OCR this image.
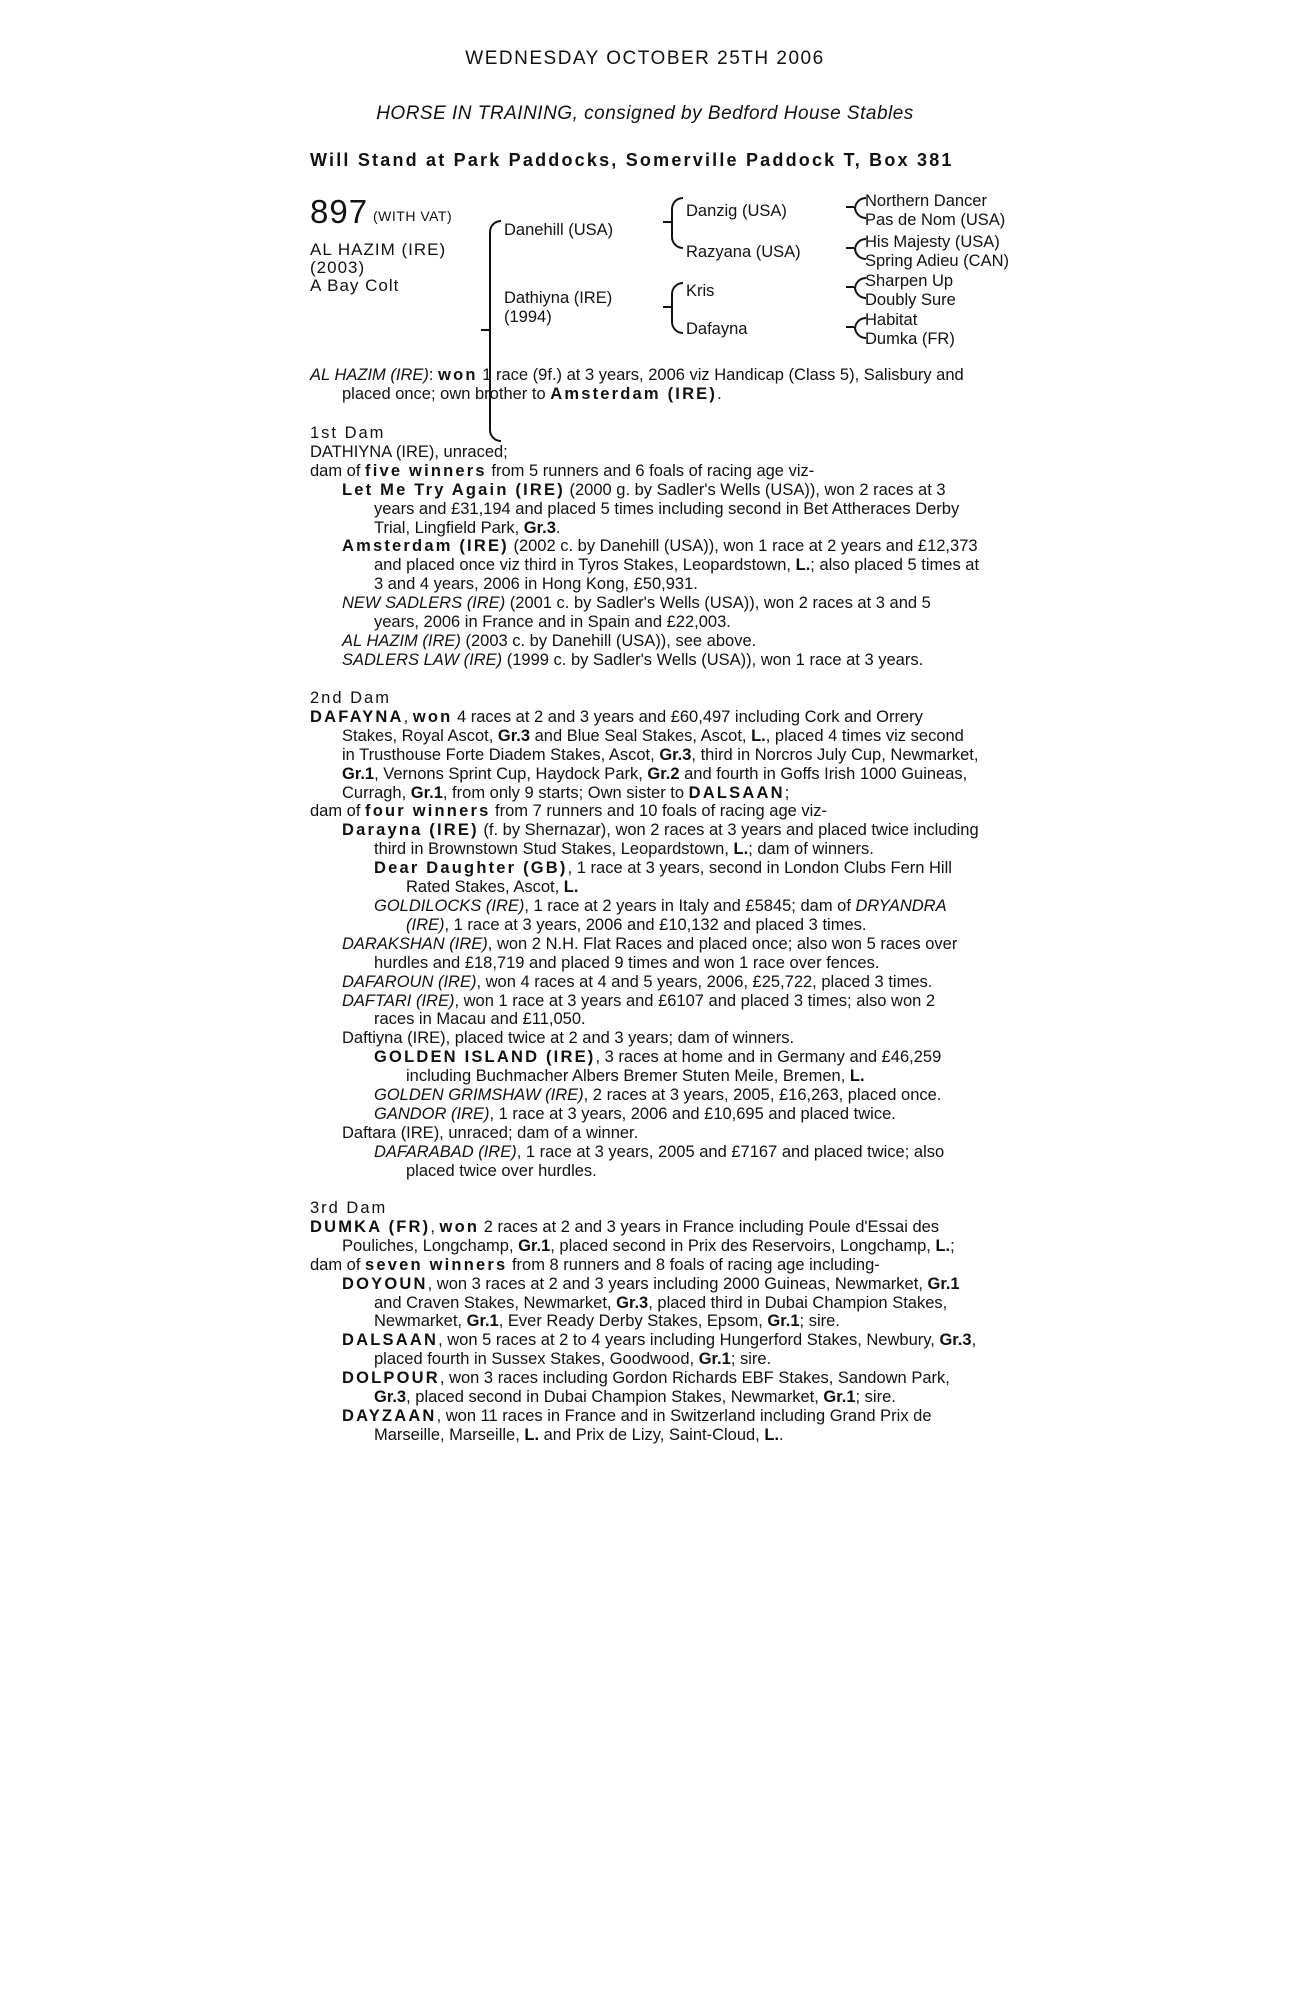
WEDNESDAY OCTOBER 25TH 2006
HORSE IN TRAINING, consigned by Bedford House Stables
Will Stand at Park Paddocks, Somerville Paddock T, Box 381
897 (WITH VAT)
AL HAZIM (IRE)
(2003)
A Bay Colt
Danehill (USA)
Dathiyna (IRE)
(1994)
Danzig (USA)
Razyana (USA)
Kris
Dafayna
Northern Dancer
Pas de Nom (USA)
His Majesty (USA)
Spring Adieu (CAN)
Sharpen Up
Doubly Sure
Habitat
Dumka (FR)

AL HAZIM (IRE): won 1 race (9f.) at 3 years, 2006 viz Handicap (Class 5), Salisbury and placed once; own brother to Amsterdam (IRE).

1st Dam

DATHIYNA (IRE), unraced;

dam of five winners from 5 runners and 6 foals of racing age viz-

Let Me Try Again (IRE) (2000 g. by Sadler's Wells (USA)), won 2 races at 3 years and £31,194 and placed 5 times including second in Bet Attheraces Derby Trial, Lingfield Park, Gr.3.

Amsterdam (IRE) (2002 c. by Danehill (USA)), won 1 race at 2 years and £12,373 and placed once viz third in Tyros Stakes, Leopardstown, L.; also placed 5 times at 3 and 4 years, 2006 in Hong Kong, £50,931.

NEW SADLERS (IRE) (2001 c. by Sadler's Wells (USA)), won 2 races at 3 and 5 years, 2006 in France and in Spain and £22,003.

AL HAZIM (IRE) (2003 c. by Danehill (USA)), see above.

SADLERS LAW (IRE) (1999 c. by Sadler's Wells (USA)), won 1 race at 3 years.

2nd Dam

DAFAYNA, won 4 races at 2 and 3 years and £60,497 including Cork and Orrery Stakes, Royal Ascot, Gr.3 and Blue Seal Stakes, Ascot, L., placed 4 times viz second in Trusthouse Forte Diadem Stakes, Ascot, Gr.3, third in Norcros July Cup, Newmarket, Gr.1, Vernons Sprint Cup, Haydock Park, Gr.2 and fourth in Goffs Irish 1000 Guineas, Curragh, Gr.1, from only 9 starts; Own sister to DALSAAN;

dam of four winners from 7 runners and 10 foals of racing age viz-

Darayna (IRE) (f. by Shernazar), won 2 races at 3 years and placed twice including third in Brownstown Stud Stakes, Leopardstown, L.; dam of winners.

Dear Daughter (GB), 1 race at 3 years, second in London Clubs Fern Hill Rated Stakes, Ascot, L.

GOLDILOCKS (IRE), 1 race at 2 years in Italy and £5845; dam of DRYANDRA (IRE), 1 race at 3 years, 2006 and £10,132 and placed 3 times.

DARAKSHAN (IRE), won 2 N.H. Flat Races and placed once; also won 5 races over hurdles and £18,719 and placed 9 times and won 1 race over fences.

DAFAROUN (IRE), won 4 races at 4 and 5 years, 2006, £25,722, placed 3 times.

DAFTARI (IRE), won 1 race at 3 years and £6107 and placed 3 times; also won 2 races in Macau and £11,050.

Daftiyna (IRE), placed twice at 2 and 3 years; dam of winners.

GOLDEN ISLAND (IRE), 3 races at home and in Germany and £46,259 including Buchmacher Albers Bremer Stuten Meile, Bremen, L.

GOLDEN GRIMSHAW (IRE), 2 races at 3 years, 2005, £16,263, placed once.

GANDOR (IRE), 1 race at 3 years, 2006 and £10,695 and placed twice.

Daftara (IRE), unraced; dam of a winner.

DAFARABAD (IRE), 1 race at 3 years, 2005 and £7167 and placed twice; also placed twice over hurdles.

3rd Dam

DUMKA (FR), won 2 races at 2 and 3 years in France including Poule d'Essai des Pouliches, Longchamp, Gr.1, placed second in Prix des Reservoirs, Longchamp, L.;

dam of seven winners from 8 runners and 8 foals of racing age including-

DOYOUN, won 3 races at 2 and 3 years including 2000 Guineas, Newmarket, Gr.1 and Craven Stakes, Newmarket, Gr.3, placed third in Dubai Champion Stakes, Newmarket, Gr.1, Ever Ready Derby Stakes, Epsom, Gr.1; sire.

DALSAAN, won 5 races at 2 to 4 years including Hungerford Stakes, Newbury, Gr.3, placed fourth in Sussex Stakes, Goodwood, Gr.1; sire.

DOLPOUR, won 3 races including Gordon Richards EBF Stakes, Sandown Park, Gr.3, placed second in Dubai Champion Stakes, Newmarket, Gr.1; sire.

DAYZAAN, won 11 races in France and in Switzerland including Grand Prix de Marseille, Marseille, L. and Prix de Lizy, Saint-Cloud, L..
